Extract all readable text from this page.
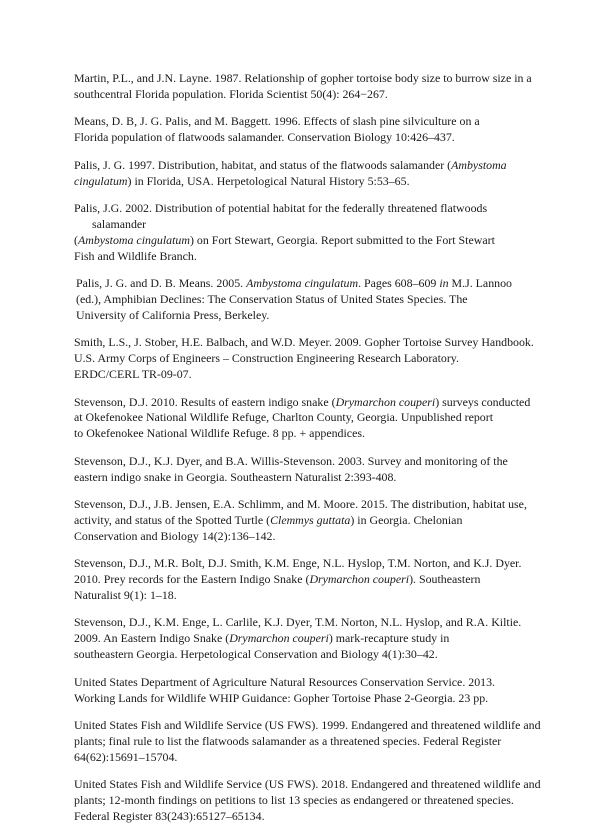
Martin, P.L., and J.N. Layne. 1987. Relationship of gopher tortoise body size to burrow size in a
southcentral Florida population. Florida Scientist 50(4): 264−267.
Means, D. B, J. G. Palis, and M. Baggett. 1996. Effects of slash pine silviculture on a
Florida population of flatwoods salamander. Conservation Biology 10:426–437.
Palis, J. G. 1997. Distribution, habitat, and status of the flatwoods salamander (Ambystoma
cingulatum) in Florida, USA. Herpetological Natural History 5:53–65.
Palis, J.G. 2002. Distribution of potential habitat for the federally threatened flatwoods salamander
(Ambystoma cingulatum) on Fort Stewart, Georgia. Report submitted to the Fort Stewart
Fish and Wildlife Branch.
Palis, J. G. and D. B. Means. 2005. Ambystoma cingulatum. Pages 608–609 in M.J. Lannoo
(ed.), Amphibian Declines: The Conservation Status of United States Species. The
University of California Press, Berkeley.
Smith, L.S., J. Stober, H.E. Balbach, and W.D. Meyer. 2009. Gopher Tortoise Survey Handbook.
U.S. Army Corps of Engineers – Construction Engineering Research Laboratory.
ERDC/CERL TR-09-07.
Stevenson, D.J. 2010. Results of eastern indigo snake (Drymarchon couperi) surveys conducted
at Okefenokee National Wildlife Refuge, Charlton County, Georgia. Unpublished report
to Okefenokee National Wildlife Refuge. 8 pp. + appendices.
Stevenson, D.J., K.J. Dyer, and B.A. Willis-Stevenson. 2003. Survey and monitoring of the
eastern indigo snake in Georgia. Southeastern Naturalist 2:393-408.
Stevenson, D.J., J.B. Jensen, E.A. Schlimm, and M. Moore. 2015. The distribution, habitat use,
activity, and status of the Spotted Turtle (Clemmys guttata) in Georgia. Chelonian
Conservation and Biology 14(2):136–142.
Stevenson, D.J., M.R. Bolt, D.J. Smith, K.M. Enge, N.L. Hyslop, T.M. Norton, and K.J. Dyer.
2010. Prey records for the Eastern Indigo Snake (Drymarchon couperi). Southeastern
Naturalist 9(1): 1–18.
Stevenson, D.J., K.M. Enge, L. Carlile, K.J. Dyer, T.M. Norton, N.L. Hyslop, and R.A. Kiltie.
2009. An Eastern Indigo Snake (Drymarchon couperi) mark-recapture study in
southeastern Georgia. Herpetological Conservation and Biology 4(1):30–42.
United States Department of Agriculture Natural Resources Conservation Service. 2013.
Working Lands for Wildlife WHIP Guidance: Gopher Tortoise Phase 2-Georgia. 23 pp.
United States Fish and Wildlife Service (US FWS). 1999. Endangered and threatened wildlife and
plants; final rule to list the flatwoods salamander as a threatened species. Federal Register
64(62):15691–15704.
United States Fish and Wildlife Service (US FWS). 2018. Endangered and threatened wildlife and
plants; 12-month findings on petitions to list 13 species as endangered or threatened species.
Federal Register 83(243):65127–65134.
